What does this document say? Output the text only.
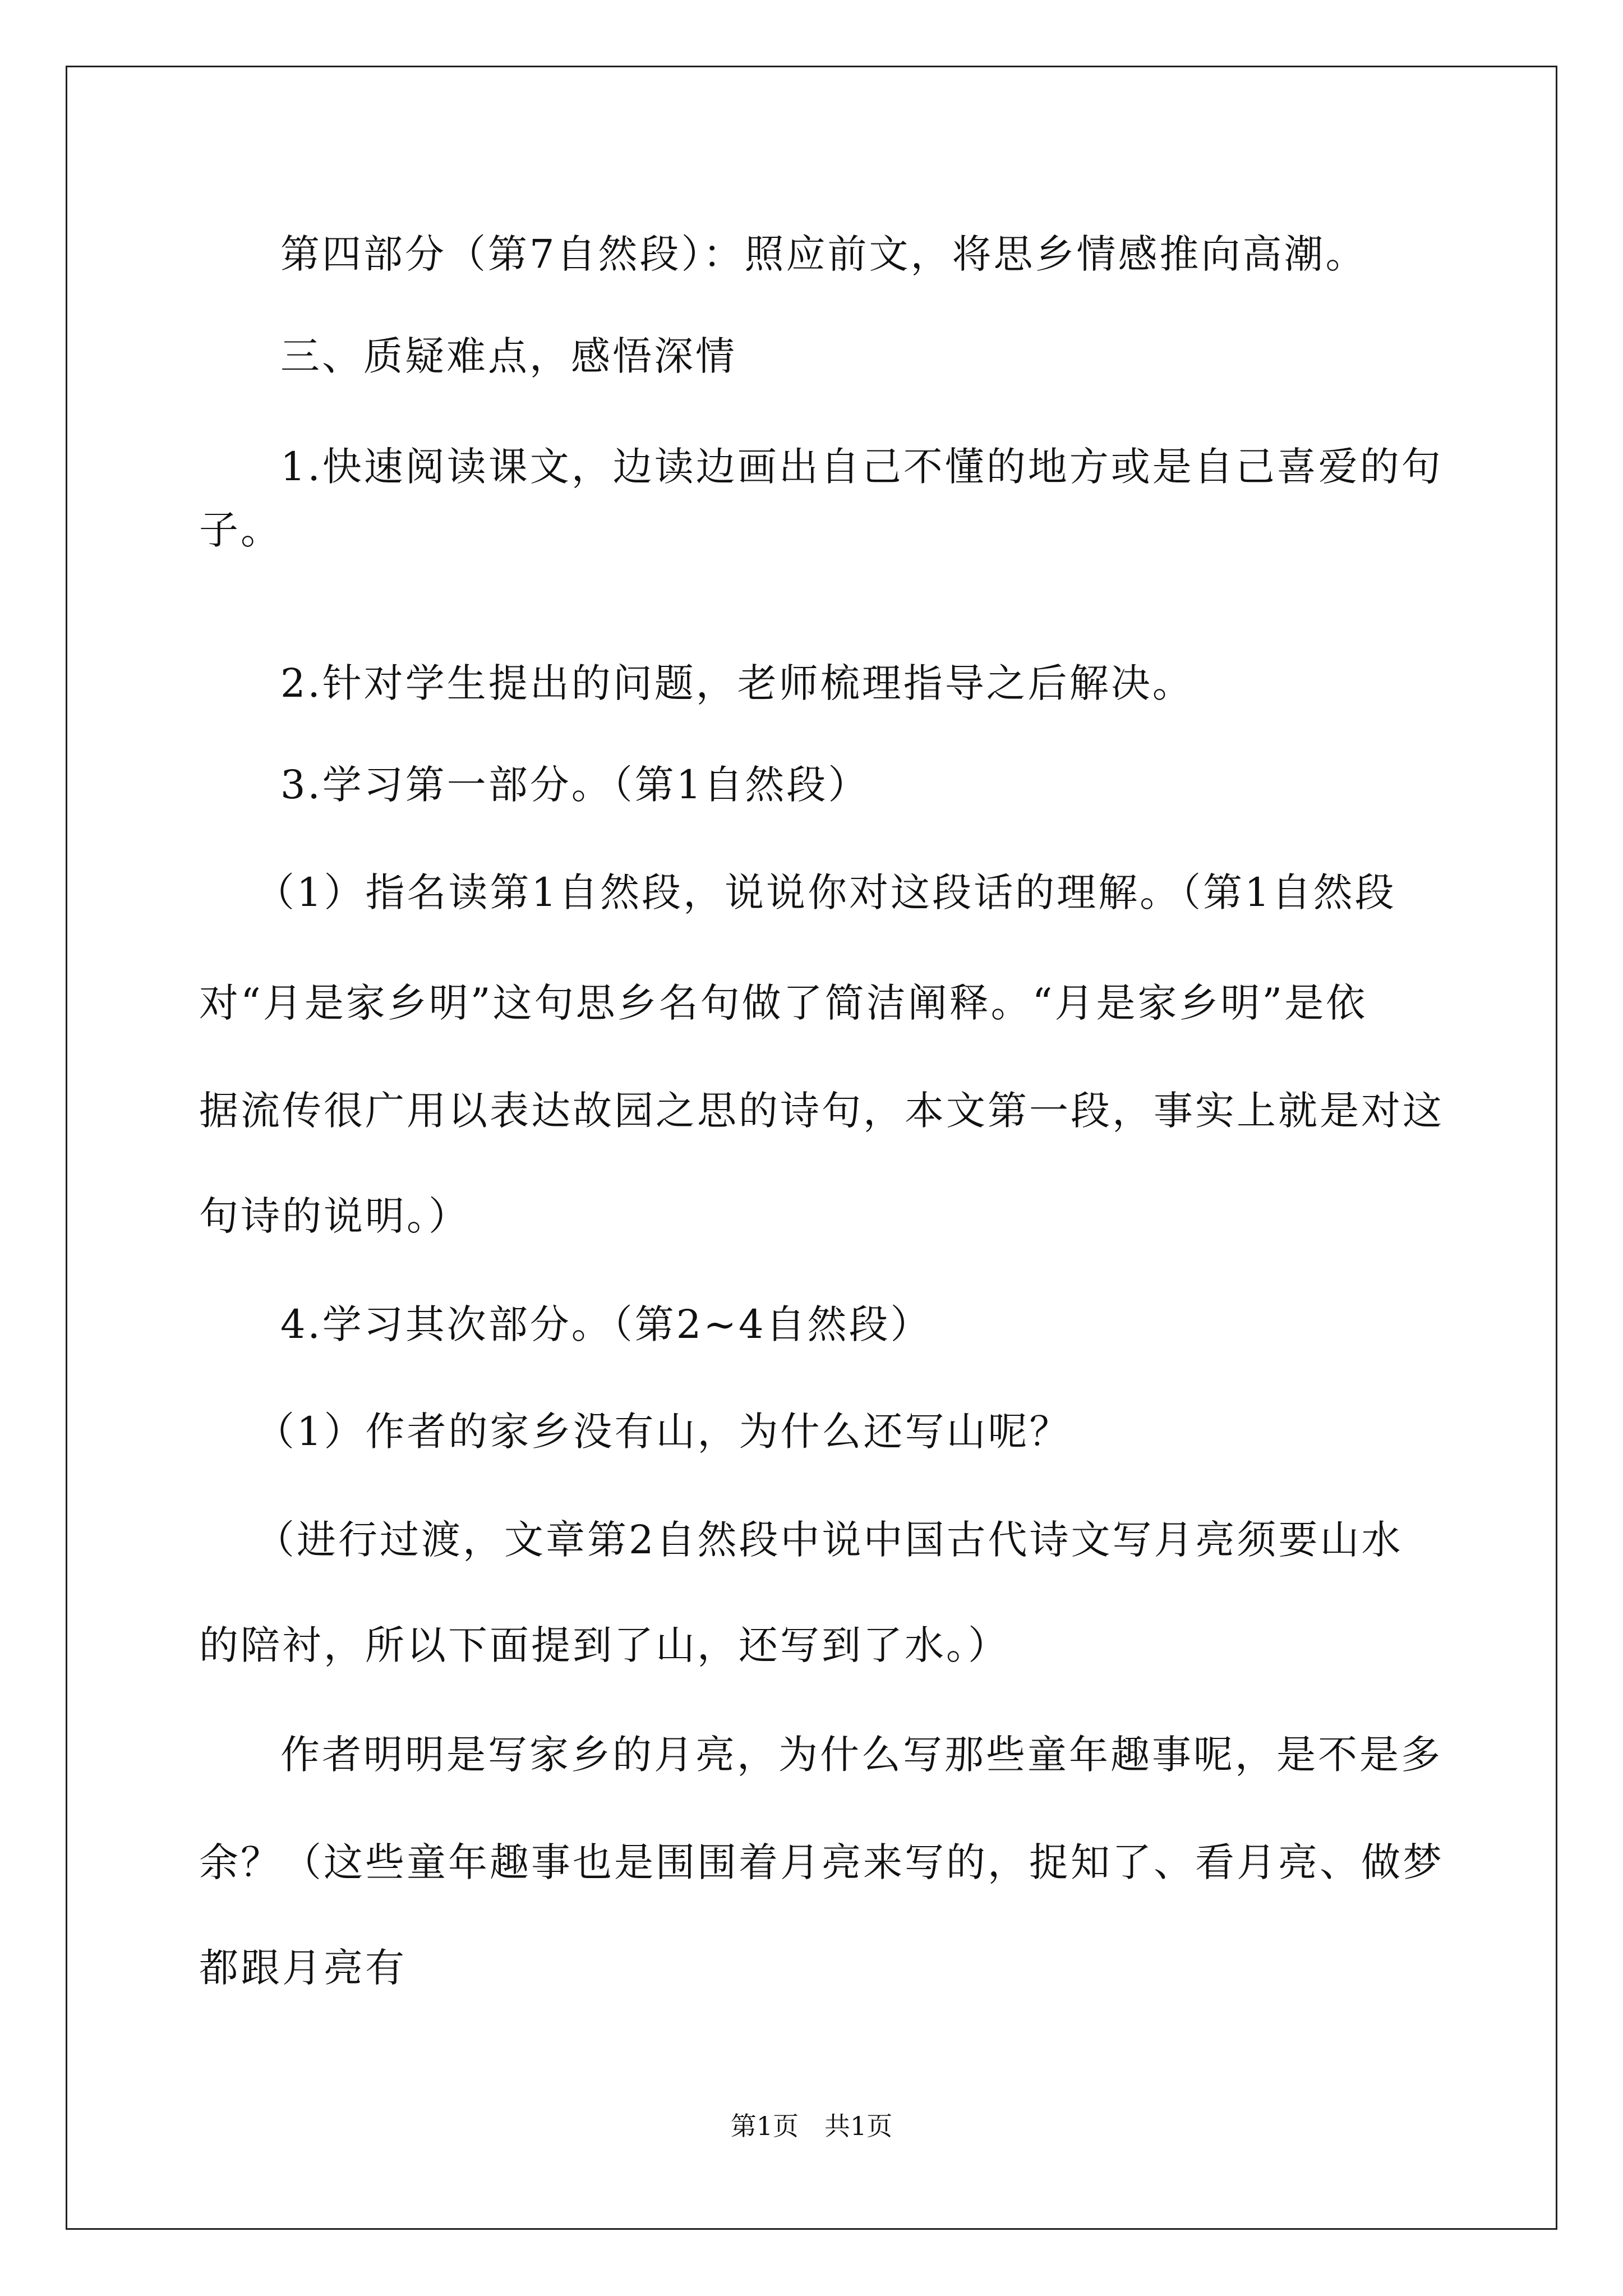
第四部分（第7自然段）：照应前文，将思乡情感推向高潮。
三、质疑难点，感悟深情
1.快速阅读课文，边读边画出自己不懂的地方或是自己喜爱的句
子。
2.针对学生提出的问题，老师梳理指导之后解决。
3.学习第一部分。（第1自然段）
（1）指名读第1自然段，说说你对这段话的理解。（第1自然段
对“月是家乡明”这句思乡名句做了简洁阐释。“月是家乡明”是依
据流传很广用以表达故园之思的诗句，本文第一段，事实上就是对这
句诗的说明。）
4.学习其次部分。（第2~4自然段）
（1）作者的家乡没有山，为什么还写山呢？
（进行过渡，文章第2自然段中说中国古代诗文写月亮须要山水
的陪衬，所以下面提到了山，还写到了水。）
作者明明是写家乡的月亮，为什么写那些童年趣事呢，是不是多
余？（这些童年趣事也是围围着月亮来写的，捉知了、看月亮、做梦
都跟月亮有
第1页　共1页
